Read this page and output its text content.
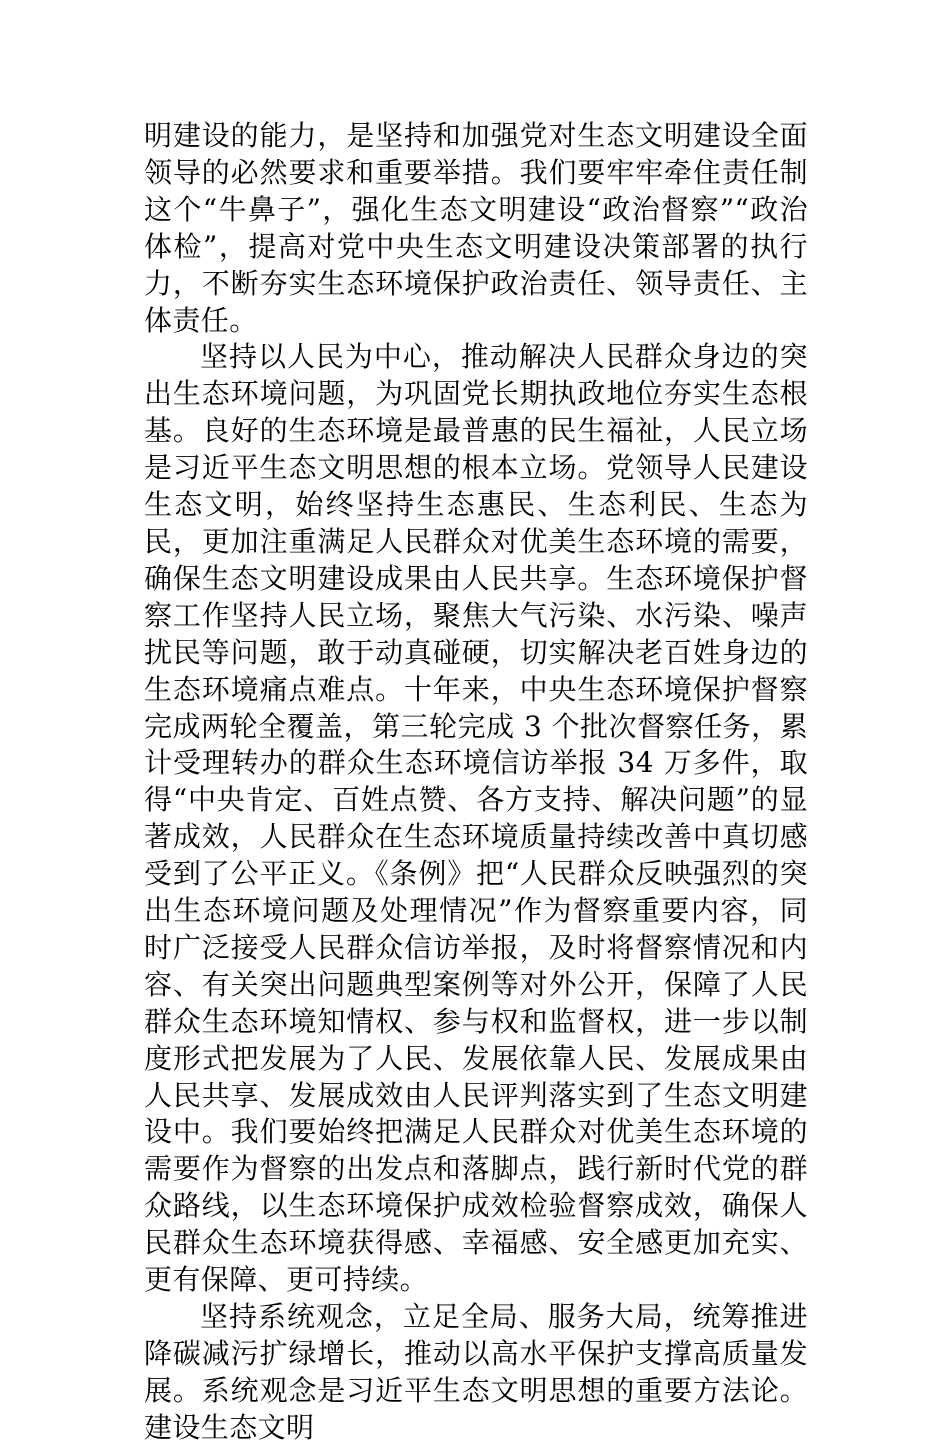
明建设的能力，是坚持和加强党对生态文明建设全面领导的必然要求和重要举措。我们要牢牢牵住责任制这个“牛鼻子”，强化生态文明建设“政治督察”“政治体检”，提高对党中央生态文明建设决策部署的执行力，不断夯实生态环境保护政治责任、领导责任、主体责任。

坚持以人民为中心，推动解决人民群众身边的突出生态环境问题，为巩固党长期执政地位夯实生态根基。良好的生态环境是最普惠的民生福祉，人民立场是习近平生态文明思想的根本立场。党领导人民建设生态文明，始终坚持生态惠民、生态利民、生态为民，更加注重满足人民群众对优美生态环境的需要，确保生态文明建设成果由人民共享。生态环境保护督察工作坚持人民立场，聚焦大气污染、水污染、噪声扰民等问题，敢于动真碰硬，切实解决老百姓身边的生态环境痛点难点。十年来，中央生态环境保护督察完成两轮全覆盖，第三轮完成 3 个批次督察任务，累计受理转办的群众生态环境信访举报 34 万多件，取得“中央肯定、百姓点赞、各方支持、解决问题”的显著成效，人民群众在生态环境质量持续改善中真切感受到了公平正义。《条例》把“人民群众反映强烈的突出生态环境问题及处理情况”作为督察重要内容，同时广泛接受人民群众信访举报，及时将督察情况和内容、有关突出问题典型案例等对外公开，保障了人民群众生态环境知情权、参与权和监督权，进一步以制度形式把发展为了人民、发展依靠人民、发展成果由人民共享、发展成效由人民评判落实到了生态文明建设中。我们要始终把满足人民群众对优美生态环境的需要作为督察的出发点和落脚点，践行新时代党的群众路线，以生态环境保护成效检验督察成效，确保人民群众生态环境获得感、幸福感、安全感更加充实、更有保障、更可持续。

坚持系统观念，立足全局、服务大局，统筹推进降碳减污扩绿增长，推动以高水平保护支撑高质量发展。系统观念是习近平生态文明思想的重要方法论。建设生态文明
